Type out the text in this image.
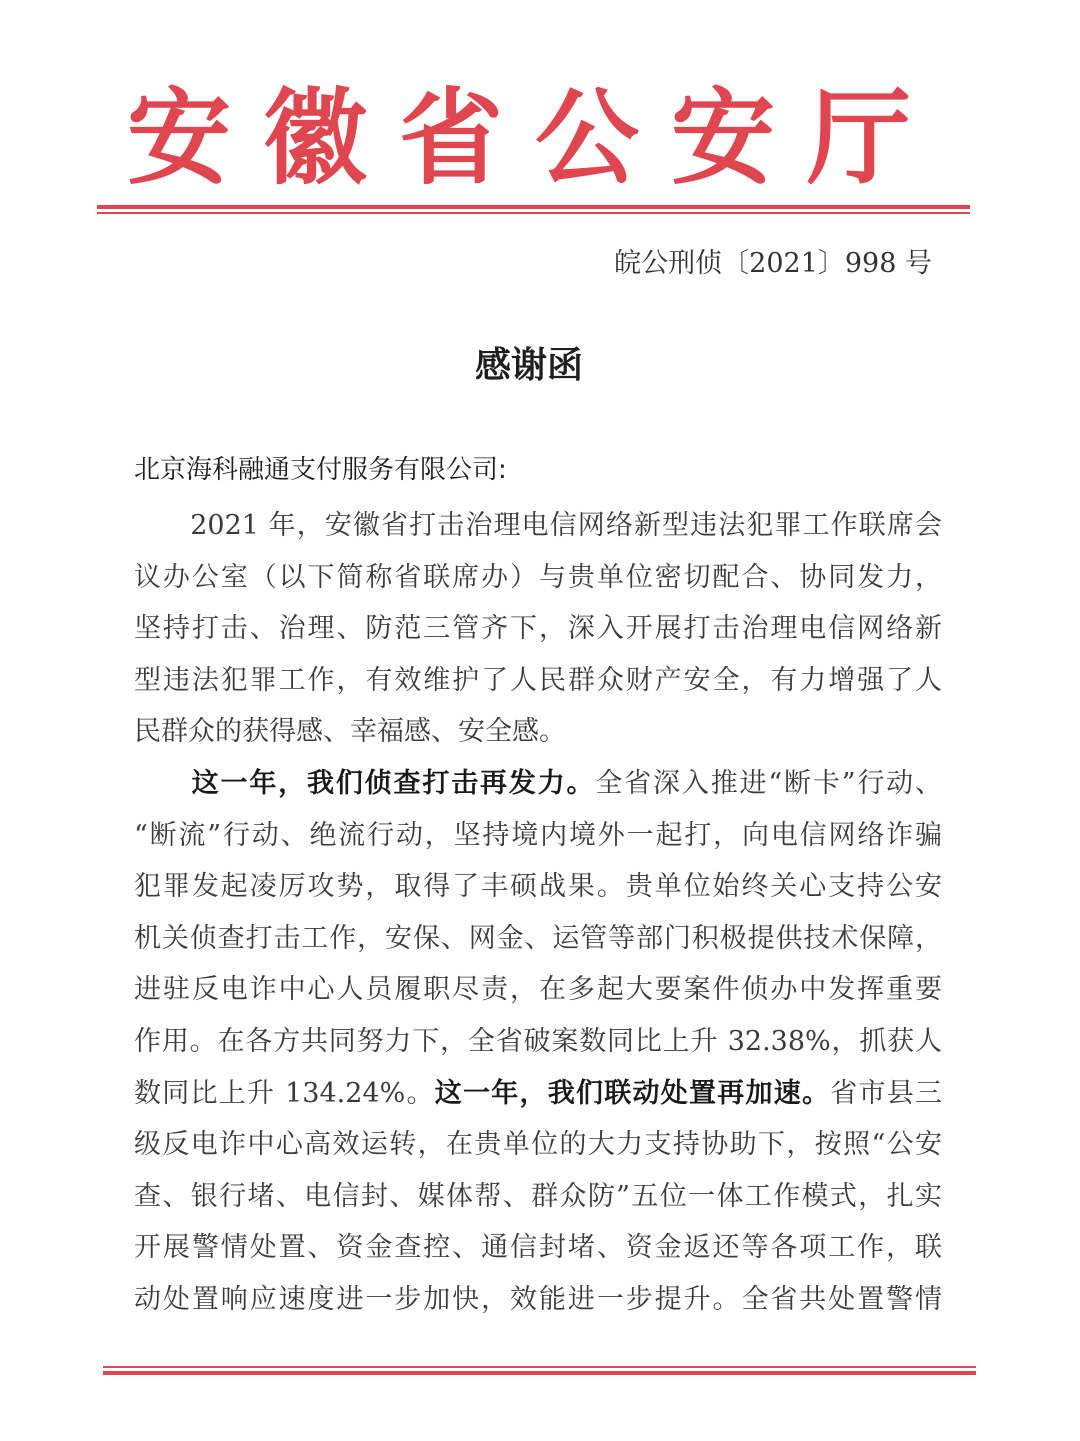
安徽省公安厅
皖公刑侦〔2021〕998 号
感谢函
北京海科融通支付服务有限公司:
　　2021 年，安徽省打击治理电信网络新型违法犯罪工作联席会
议办公室（以下简称省联席办）与贵单位密切配合、协同发力，
坚持打击、治理、防范三管齐下，深入开展打击治理电信网络新
型违法犯罪工作，有效维护了人民群众财产安全，有力增强了人
民群众的获得感、幸福感、安全感。
　　这一年，我们侦查打击再发力。全省深入推进“断卡”行动、
“断流”行动、绝流行动，坚持境内境外一起打，向电信网络诈骗
犯罪发起凌厉攻势，取得了丰硕战果。贵单位始终关心支持公安
机关侦查打击工作，安保、网金、运管等部门积极提供技术保障，
进驻反电诈中心人员履职尽责，在多起大要案件侦办中发挥重要
作用。在各方共同努力下，全省破案数同比上升 32.38%，抓获人
数同比上升 134.24%。这一年，我们联动处置再加速。省市县三
级反电诈中心高效运转，在贵单位的大力支持协助下，按照“公安
查、银行堵、电信封、媒体帮、群众防”五位一体工作模式，扎实
开展警情处置、资金查控、通信封堵、资金返还等各项工作，联
动处置响应速度进一步加快，效能进一步提升。全省共处置警情
